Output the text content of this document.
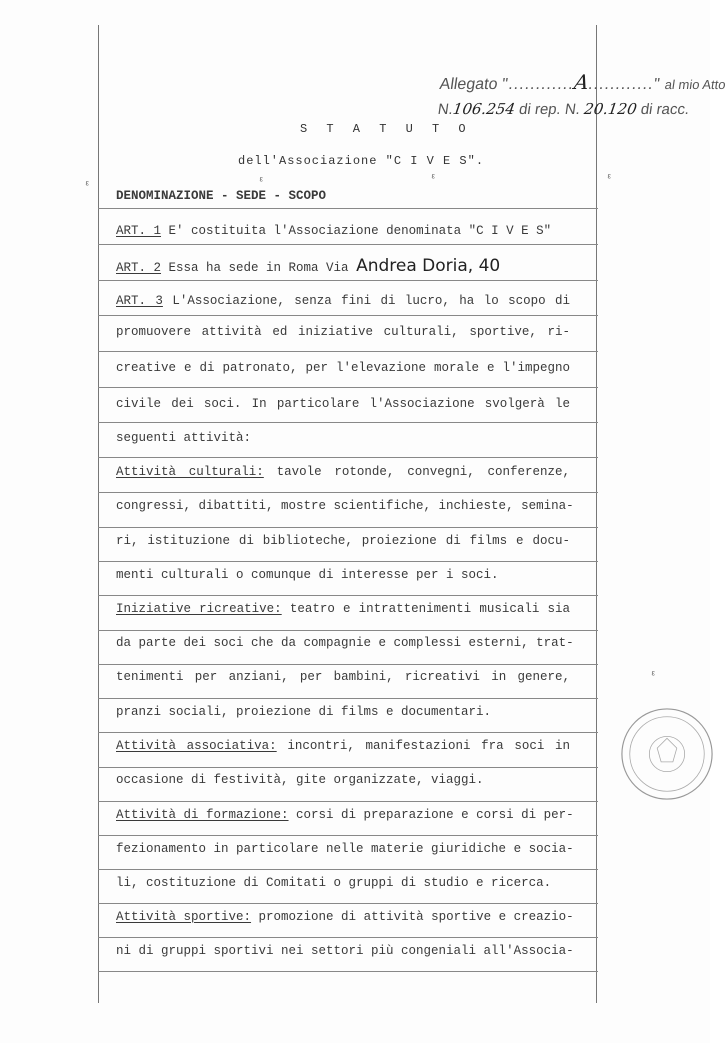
Allegato "............A............" al mio Atto
N.106.254 di rep. N. 20.120 di racc.
S T A T U T O
dell'Associazione "C I V E S".
ᵋ	ᵋ	ᵋ	ᵋ
DENOMINAZIONE - SEDE - SCOPO
ART. 1 E' costituita l'Associazione denominata "C I V E S"
ART. 2 Essa ha sede in Roma Via Andrea Doria, 40
ART. 3 L'Associazione, senza fini di lucro, ha lo scopo di
promuovere attività ed iniziative culturali, sportive, ri-
creative e di patronato, per l'elevazione morale e l'impegno
civile dei soci. In particolare l'Associazione svolgerà le
seguenti attività:
Attività culturali: tavole rotonde, convegni, conferenze,
congressi, dibattiti, mostre scientifiche, inchieste, semina-
ri, istituzione di biblioteche, proiezione di films e docu-
menti culturali o comunque di interesse per i soci.
Iniziative ricreative: teatro e intrattenimenti musicali sia
da parte dei soci che da compagnie e complessi esterni, trat-
tenimenti per anziani, per bambini, ricreativi in genere,
pranzi sociali, proiezione di films e documentari.
Attività associativa: incontri, manifestazioni fra soci in
occasione di festività, gite organizzate, viaggi.
Attività di formazione: corsi di preparazione e corsi di per-
fezionamento in particolare nelle materie giuridiche e socia-
li, costituzione di Comitati o gruppi di studio e ricerca.
Attività sportive: promozione di attività sportive e creazio-
ni di gruppi sportivi nei settori più congeniali all'Associa-
ᵋ
